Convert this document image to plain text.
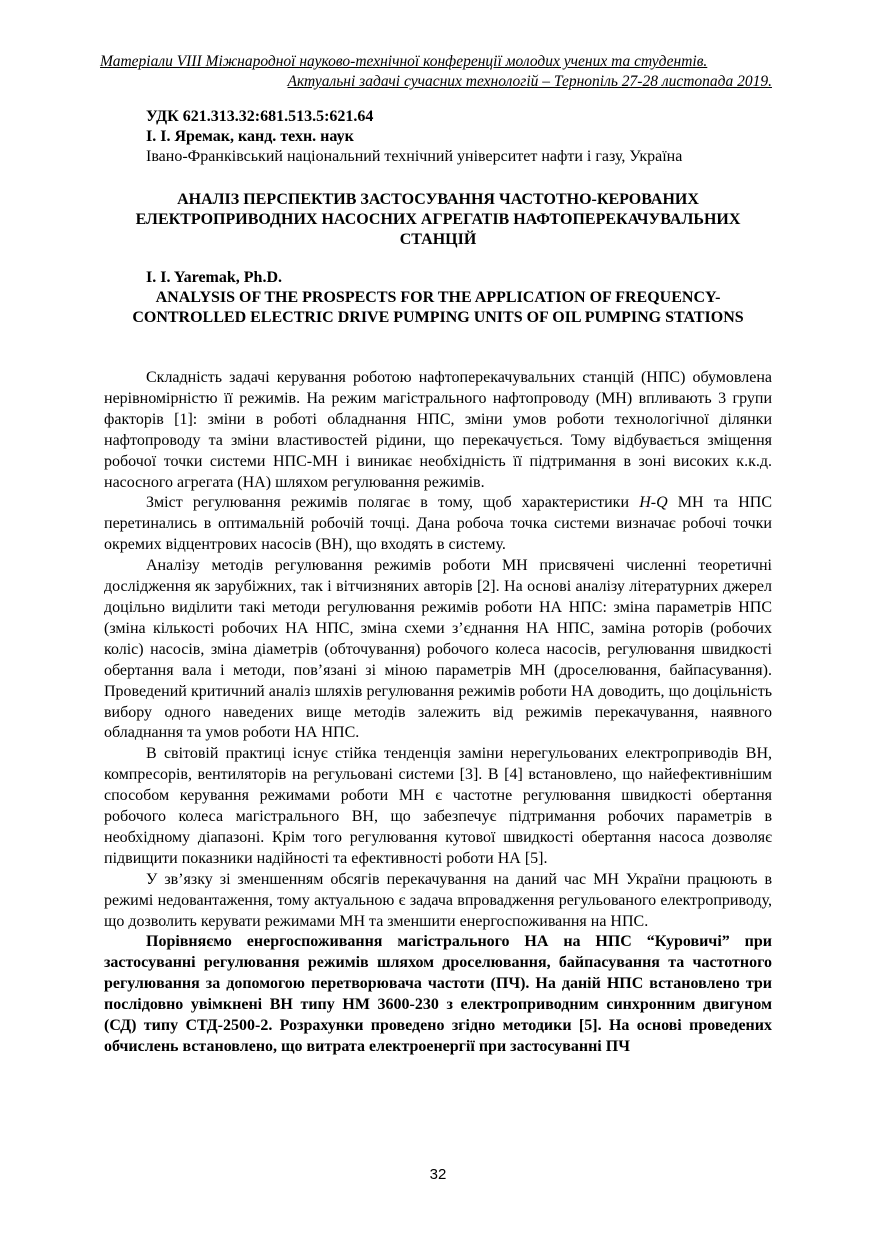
Матеріали VIII Міжнародної науково-технічної конференції молодих учених та студентів.
Актуальні задачі сучасних технологій – Тернопіль 27-28 листопада 2019.
УДК 621.313.32:681.513.5:621.64
І. І. Яремак, канд. техн. наук
Івано-Франківський національний технічний університет нафти і газу, Україна
АНАЛІЗ ПЕРСПЕКТИВ ЗАСТОСУВАННЯ ЧАСТОТНО-КЕРОВАНИХ ЕЛЕКТРОПРИВОДНИХ НАСОСНИХ АГРЕГАТІВ НАФТОПЕРЕКАЧУВАЛЬНИХ СТАНЦІЙ
I. I. Yaremak, Ph.D.
ANALYSIS OF THE PROSPECTS FOR THE APPLICATION OF FREQUENCY-CONTROLLED ELECTRIC DRIVE PUMPING UNITS OF OIL PUMPING STATIONS

Складність задачі керування роботою нафтоперекачувальних станцій (НПС) обумовлена нерівномірністю її режимів. На режим магістрального нафтопроводу (МН) впливають 3 групи факторів [1]: зміни в роботі обладнання НПС, зміни умов роботи технологічної ділянки нафтопроводу та зміни властивостей рідини, що перекачується. Тому відбувається зміщення робочої точки системи НПС-МН і виникає необхідність її підтримання в зоні високих к.к.д. насосного агрегата (НА) шляхом регулювання режимів.

Зміст регулювання режимів полягає в тому, щоб характеристики H-Q МН та НПС перетинались в оптимальній робочій точці. Дана робоча точка системи визначає робочі точки окремих відцентрових насосів (ВН), що входять в систему.

Аналізу методів регулювання режимів роботи МН присвячені численні теоретичні дослідження як зарубіжних, так і вітчизняних авторів [2]. На основі аналізу літературних джерел доцільно виділити такі методи регулювання режимів роботи НА НПС: зміна параметрів НПС (зміна кількості робочих НА НПС, зміна схеми з’єднання НА НПС, заміна роторів (робочих коліс) насосів, зміна діаметрів (обточування) робочого колеса насосів, регулювання швидкості обертання вала і методи, пов’язані зі міною параметрів МН (дроселювання, байпасування). Проведений критичний аналіз шляхів регулювання режимів роботи НА доводить, що доцільність вибору одного наведених вище методів залежить від режимів перекачування, наявного обладнання та умов роботи НА НПС.

В світовій практиці існує стійка тенденція заміни нерегульованих електроприводів ВН, компресорів, вентиляторів на регульовані системи [3]. В [4] встановлено, що найефективнішим способом керування режимами роботи МН є частотне регулювання швидкості обертання робочого колеса магістрального ВН, що забезпечує підтримання робочих параметрів в необхідному діапазоні. Крім того регулювання кутової швидкості обертання насоса дозволяє підвищити показники надійності та ефективності роботи НА [5].

У зв’язку зі зменшенням обсягів перекачування на даний час МН України працюють в режимі недовантаження, тому актуальною є задача впровадження регульованого електроприводу, що дозволить керувати режимами МН та зменшити енергоспоживання на НПС.

Порівняємо енергоспоживання магістрального НА на НПС “Куровичі” при застосуванні регулювання режимів шляхом дроселювання, байпасування та частотного регулювання за допомогою перетворювача частоти (ПЧ). На даній НПС встановлено три послідовно увімкнені ВН типу НМ 3600-230 з електроприводним синхронним двигуном (СД) типу СТД-2500-2. Розрахунки проведено згідно методики [5]. На основі проведених обчислень встановлено, що витрата електроенергії при застосуванні ПЧ

32
